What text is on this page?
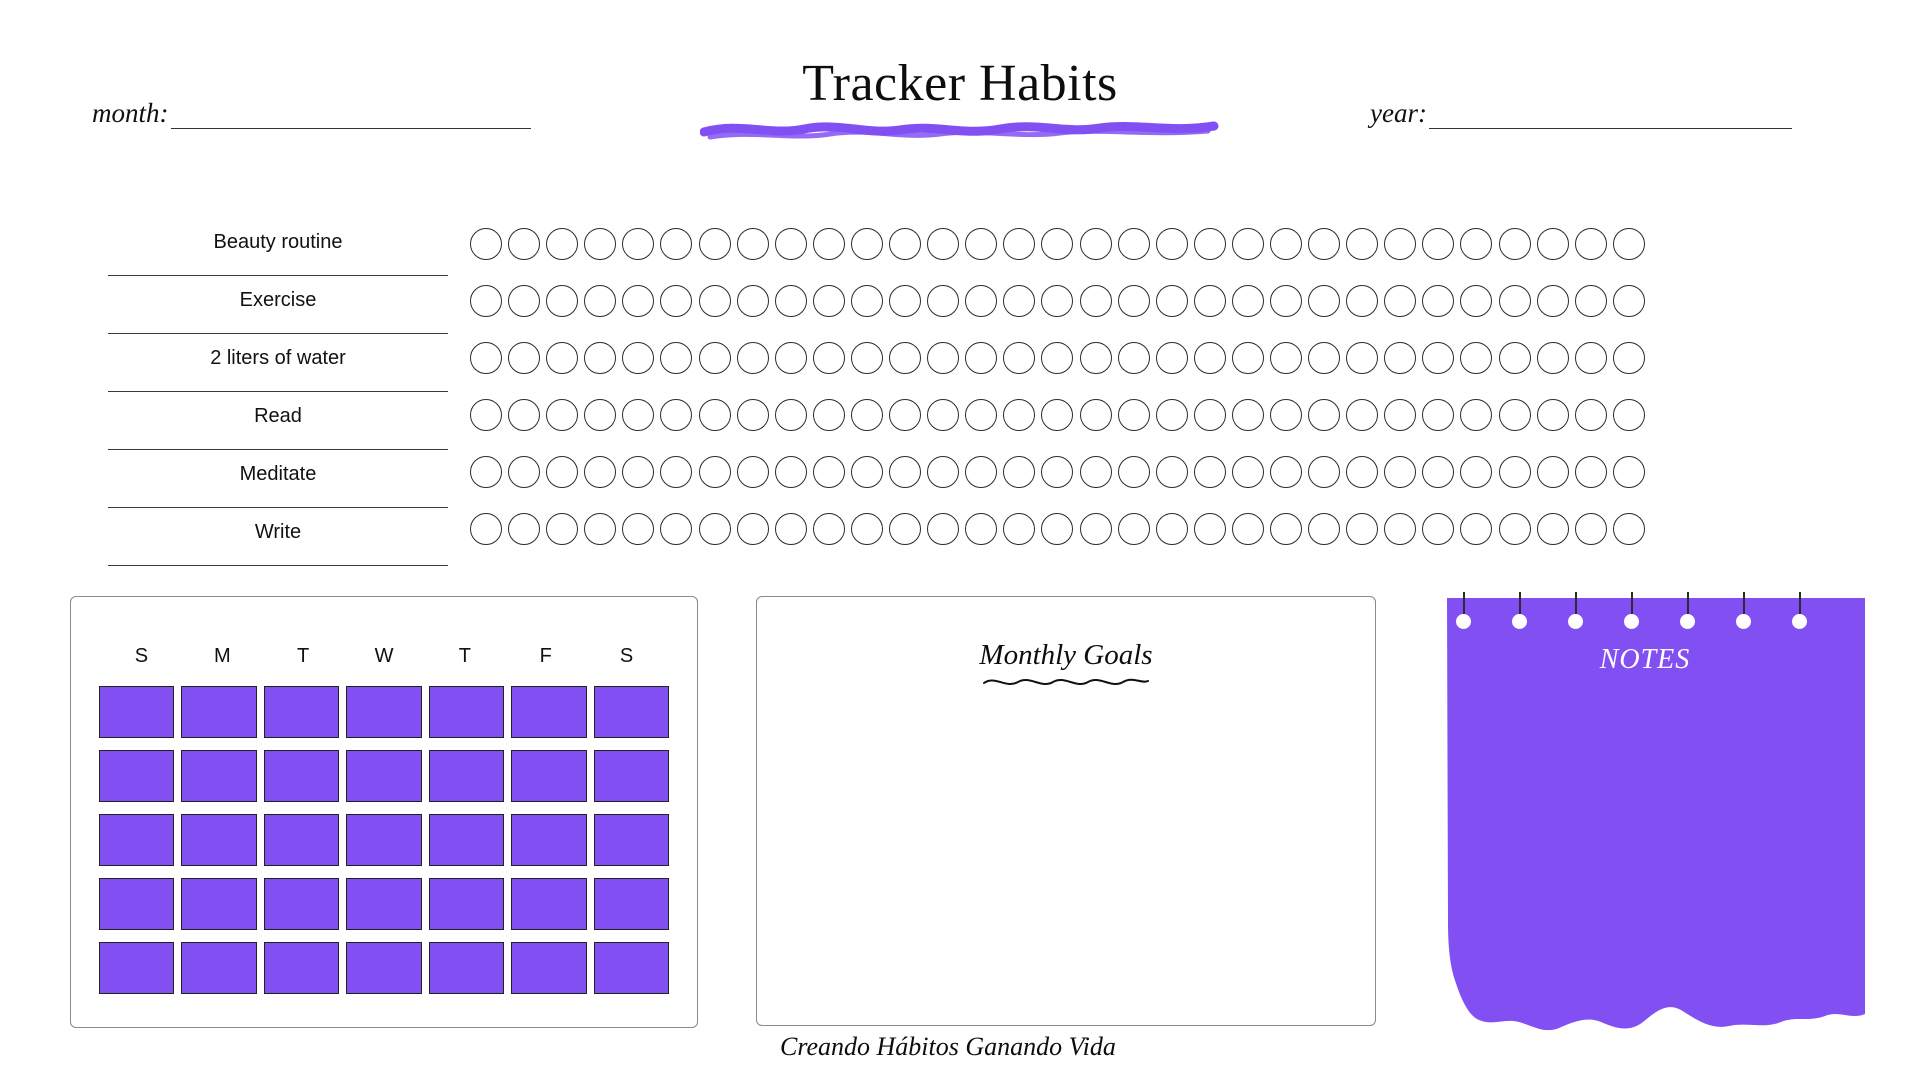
month:
Tracker Habits
year:
Beauty routine
Exercise
2 liters of water
Read
Meditate
Write
S	M	T	W	T	F	S	Monthly Goals
Creando Hábitos Ganando Vida
NOTES
